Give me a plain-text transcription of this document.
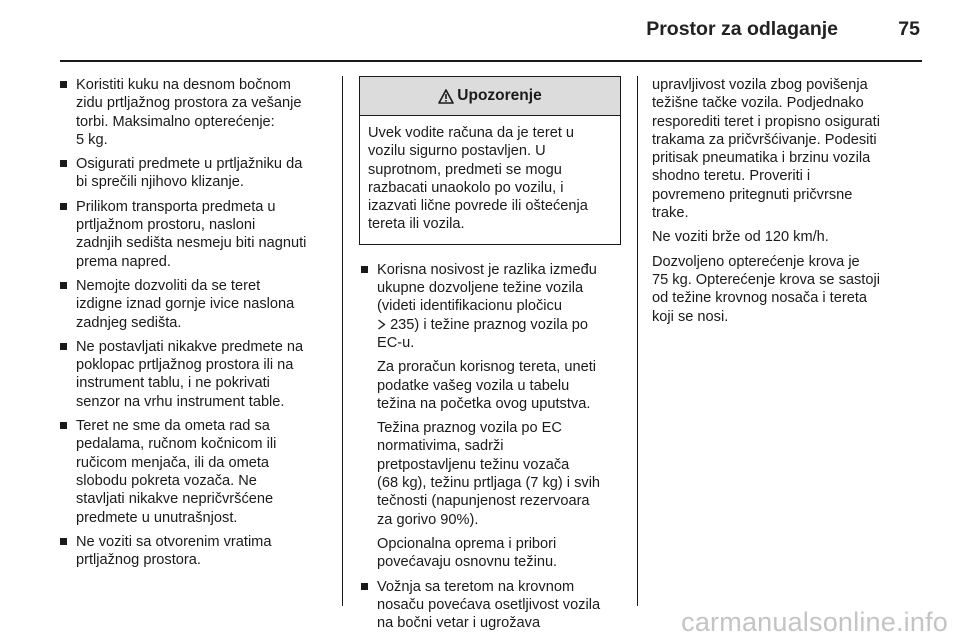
Prostor za odlaganje	75
Koristiti kuku na desnom bočnom
zidu prtljažnog prostora za vešanje
torbi. Maksimalno opterećenje:
5 kg.
Osigurati predmete u prtljažniku da
bi sprečili njihovo klizanje.
Prilikom transporta predmeta u
prtljažnom prostoru, nasloni
zadnjih sedišta nesmeju biti nagnuti
prema napred.
Nemojte dozvoliti da se teret
izdigne iznad gornje ivice naslona
zadnjeg sedišta.
Ne postavljati nikakve predmete na
poklopac prtljažnog prostora ili na
instrument tablu, i ne pokrivati
senzor na vrhu instrument table.
Teret ne sme da ometa rad sa
pedalama, ručnom kočnicom ili
ručicom menjača, ili da ometa
slobodu pokreta vozača. Ne
stavljati nikakve nepričvršćene
predmete u unutrašnjost.
Ne voziti sa otvorenim vratima
prtljažnog prostora.
Upozorenje
Uvek vodite računa da je teret u
vozilu sigurno postavljen. U
suprotnom, predmeti se mogu
razbacati unaokolo po vozilu, i
izazvati lične povrede ili oštećenja
tereta ili vozila.
Korisna nosivost je razlika između
ukupne dozvoljene težine vozila
(videti identifikacionu pločicu
235) i težine praznog vozila po
EC-u.
Za proračun korisnog tereta, uneti
podatke vašeg vozila u tabelu
težina na početka ovog uputstva.
Težina praznog vozila po EC
normativima, sadrži
pretpostavljenu težinu vozača
(68 kg), težinu prtljaga (7 kg) i svih
tečnosti (napunjenost rezervoara
za gorivo 90%).
Opcionalna oprema i pribori
povećavaju osnovnu težinu.
Vožnja sa teretom na krovnom
nosaču povećava osetljivost vozila
na bočni vetar i ugrožava
upravljivost vozila zbog povišenja
težišne tačke vozila. Podjednako
resporediti teret i propisno osigurati
trakama za pričvršćivanje. Podesiti
pritisak pneumatika i brzinu vozila
shodno teretu. Proveriti i
povremeno pritegnuti pričvrsne
trake.
Ne voziti brže od 120 km/h.
Dozvoljeno opterećenje krova je
75 kg. Opterećenje krova se sastoji
od težine krovnog nosača i tereta
koji se nosi.
carmanualsonline.info
